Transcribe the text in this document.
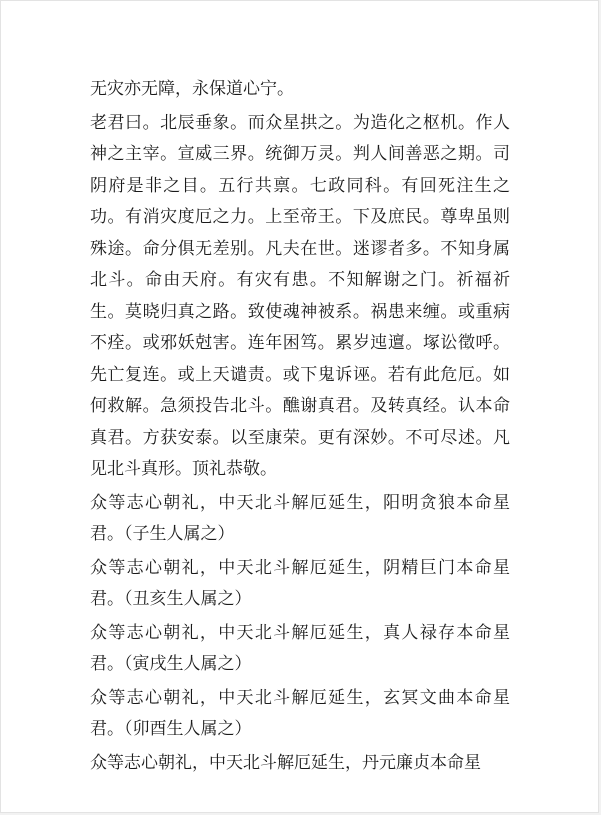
无灾亦无障，永保道心宁。

老君曰。北辰垂象。而众星拱之。为造化之枢机。作人神之主宰。宣威三界。统御万灵。判人间善恶之期。司阴府是非之目。五行共禀。七政同科。有回死注生之功。有消灾度厄之力。上至帝王。下及庶民。尊卑虽则殊途。命分俱无差别。凡夫在世。迷谬者多。不知身属北斗。命由天府。有灾有患。不知解谢之门。祈福祈生。莫晓归真之路。致使魂神被系。祸患来缠。或重病不痊。或邪妖尅害。连年困笃。累岁迍邅。塚讼徵呼。先亡复连。或上天谴责。或下鬼诉诬。若有此危厄。如何救解。急须投告北斗。醮谢真君。及转真经。认本命真君。方获安泰。以至康荣。更有深妙。不可尽述。凡见北斗真形。顶礼恭敬。

众等志心朝礼，中天北斗解厄延生，阳明贪狼本命星君。（子生人属之）

众等志心朝礼，中天北斗解厄延生，阴精巨门本命星君。（丑亥生人属之）

众等志心朝礼，中天北斗解厄延生，真人禄存本命星君。（寅戌生人属之）

众等志心朝礼，中天北斗解厄延生，玄冥文曲本命星君。（卯酉生人属之）

众等志心朝礼，中天北斗解厄延生，丹元廉贞本命星
